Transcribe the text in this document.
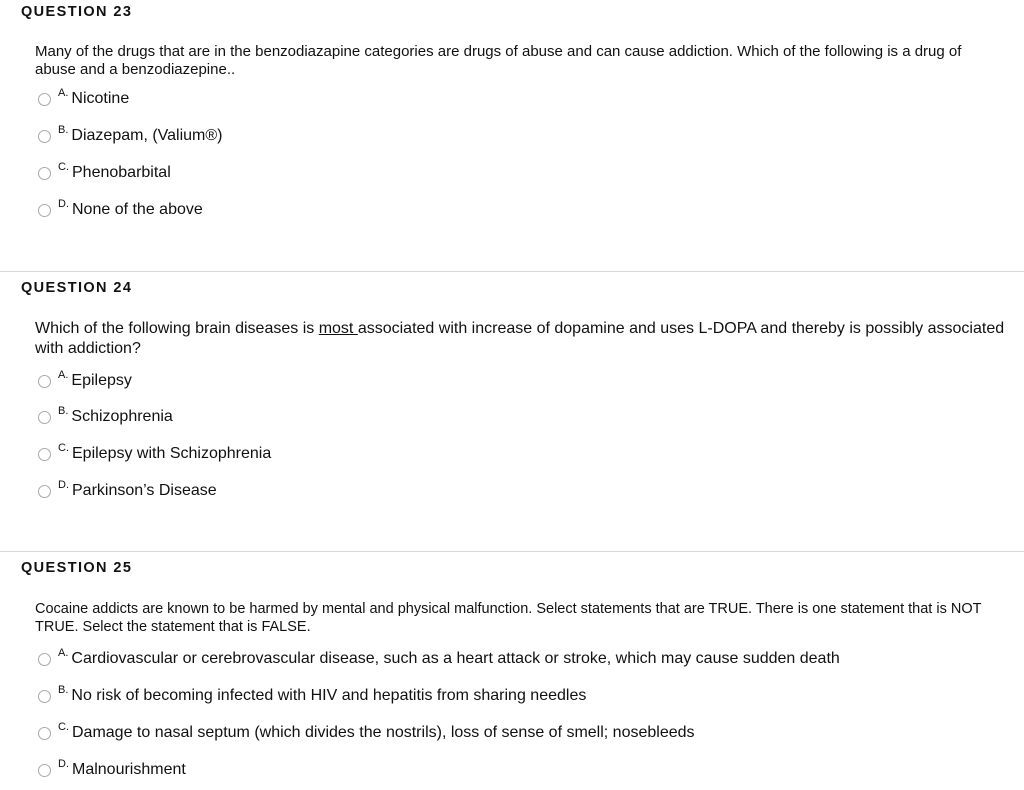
QUESTION 23
Many of the drugs that are in the benzodiazapine categories are drugs of abuse and can cause addiction. Which of the following is a drug of abuse and a benzodiazepine..
A. Nicotine
B. Diazepam, (Valium®)
C. Phenobarbital
D. None of the above
QUESTION 24
Which of the following brain diseases is most associated with increase of dopamine and uses L-DOPA and thereby is possibly associated with addiction?
A. Epilepsy
B. Schizophrenia
C. Epilepsy with Schizophrenia
D. Parkinson’s Disease
QUESTION 25
Cocaine addicts are known to be harmed by mental and physical malfunction. Select statements that are TRUE. There is one statement that is NOT TRUE. Select the statement that is FALSE.
A. Cardiovascular or cerebrovascular disease, such as a heart attack or stroke, which may cause sudden death
B. No risk of becoming infected with HIV and hepatitis from sharing needles
C. Damage to nasal septum (which divides the nostrils), loss of sense of smell; nosebleeds
D. Malnourishment
